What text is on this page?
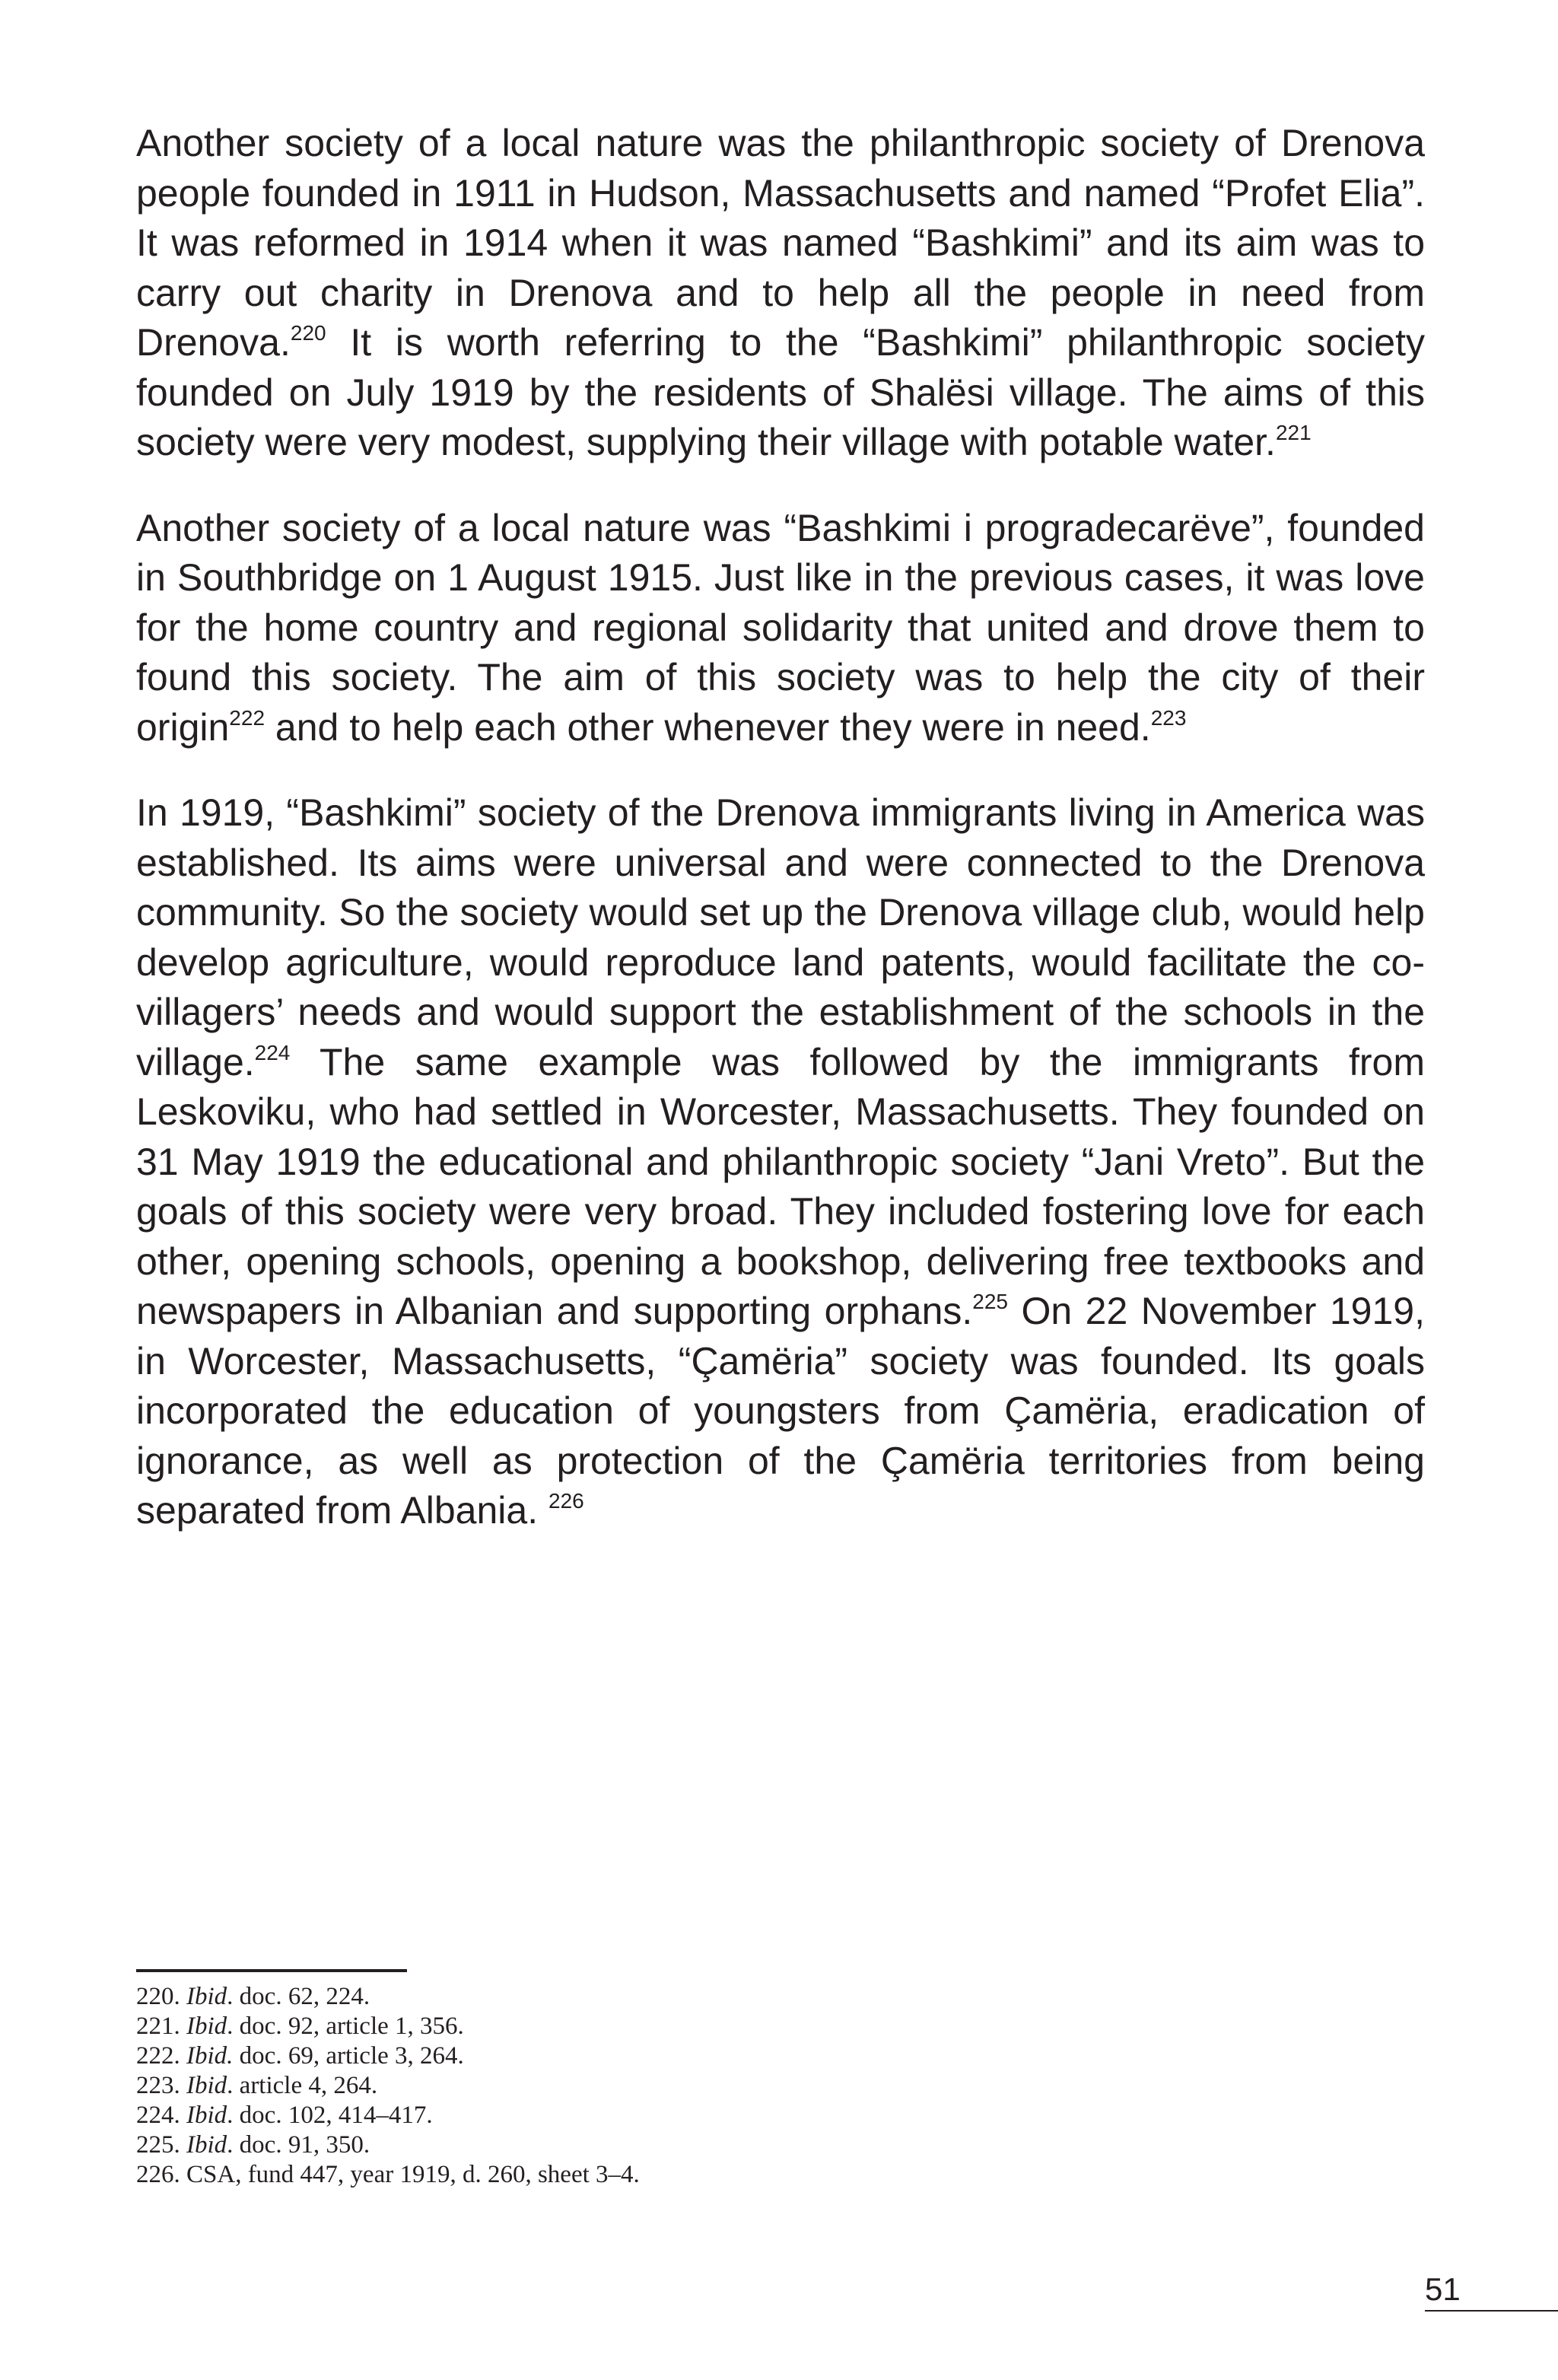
Another society of a local nature was the philanthropic society of Drenova people founded in 1911 in Hudson, Massachusetts and named “Profet Elia”. It was reformed in 1914 when it was named “Bashkimi” and its aim was to carry out charity in Drenova and to help all the people in need from Drenova.$^{220}$ It is worth referring to the “Bashkimi” philanthropic society founded on July 1919 by the residents of Shalësi village. The aims of this society were very modest, supplying their village with potable water.$^{221}$

Another society of a local nature was “Bashkimi i progradecarëve”, founded in Southbridge on 1 August 1915. Just like in the previous cases, it was love for the home country and regional solidarity that united and drove them to found this society. The aim of this society was to help the city of their origin$^{222}$ and to help each other whenever they were in need.$^{223}$

In 1919, “Bashkimi” society of the Drenova immigrants living in America was established. Its aims were universal and were connected to the Drenova community. So the society would set up the Drenova village club, would help develop agriculture, would reproduce land patents, would facilitate the co-villagers’ needs and would support the establishment of the schools in the village.$^{224}$ The same example was followed by the immigrants from Leskoviku, who had settled in Worcester, Massachusetts. They founded on 31 May 1919 the educational and philanthropic society “Jani Vreto”. But the goals of this society were very broad. They included fostering love for each other, opening schools, opening a bookshop, delivering free textbooks and newspapers in Albanian and supporting orphans.$^{225}$ On 22 November 1919, in Worcester, Massachusetts, “Çamëria” society was founded. Its goals incorporated the education of youngsters from Çamëria, eradication of ignorance, as well as protection of the Çamëria territories from being separated from Albania. $^{226}$

220. Ibid. doc. 62, 224.

221. Ibid. doc. 92, article 1, 356.

222. Ibid. doc. 69, article 3, 264.

223. Ibid. article 4, 264.

224. Ibid. doc. 102, 414–417.

225. Ibid. doc. 91, 350.

226. CSA, fund 447, year 1919, d. 260, sheet 3–4.

51
